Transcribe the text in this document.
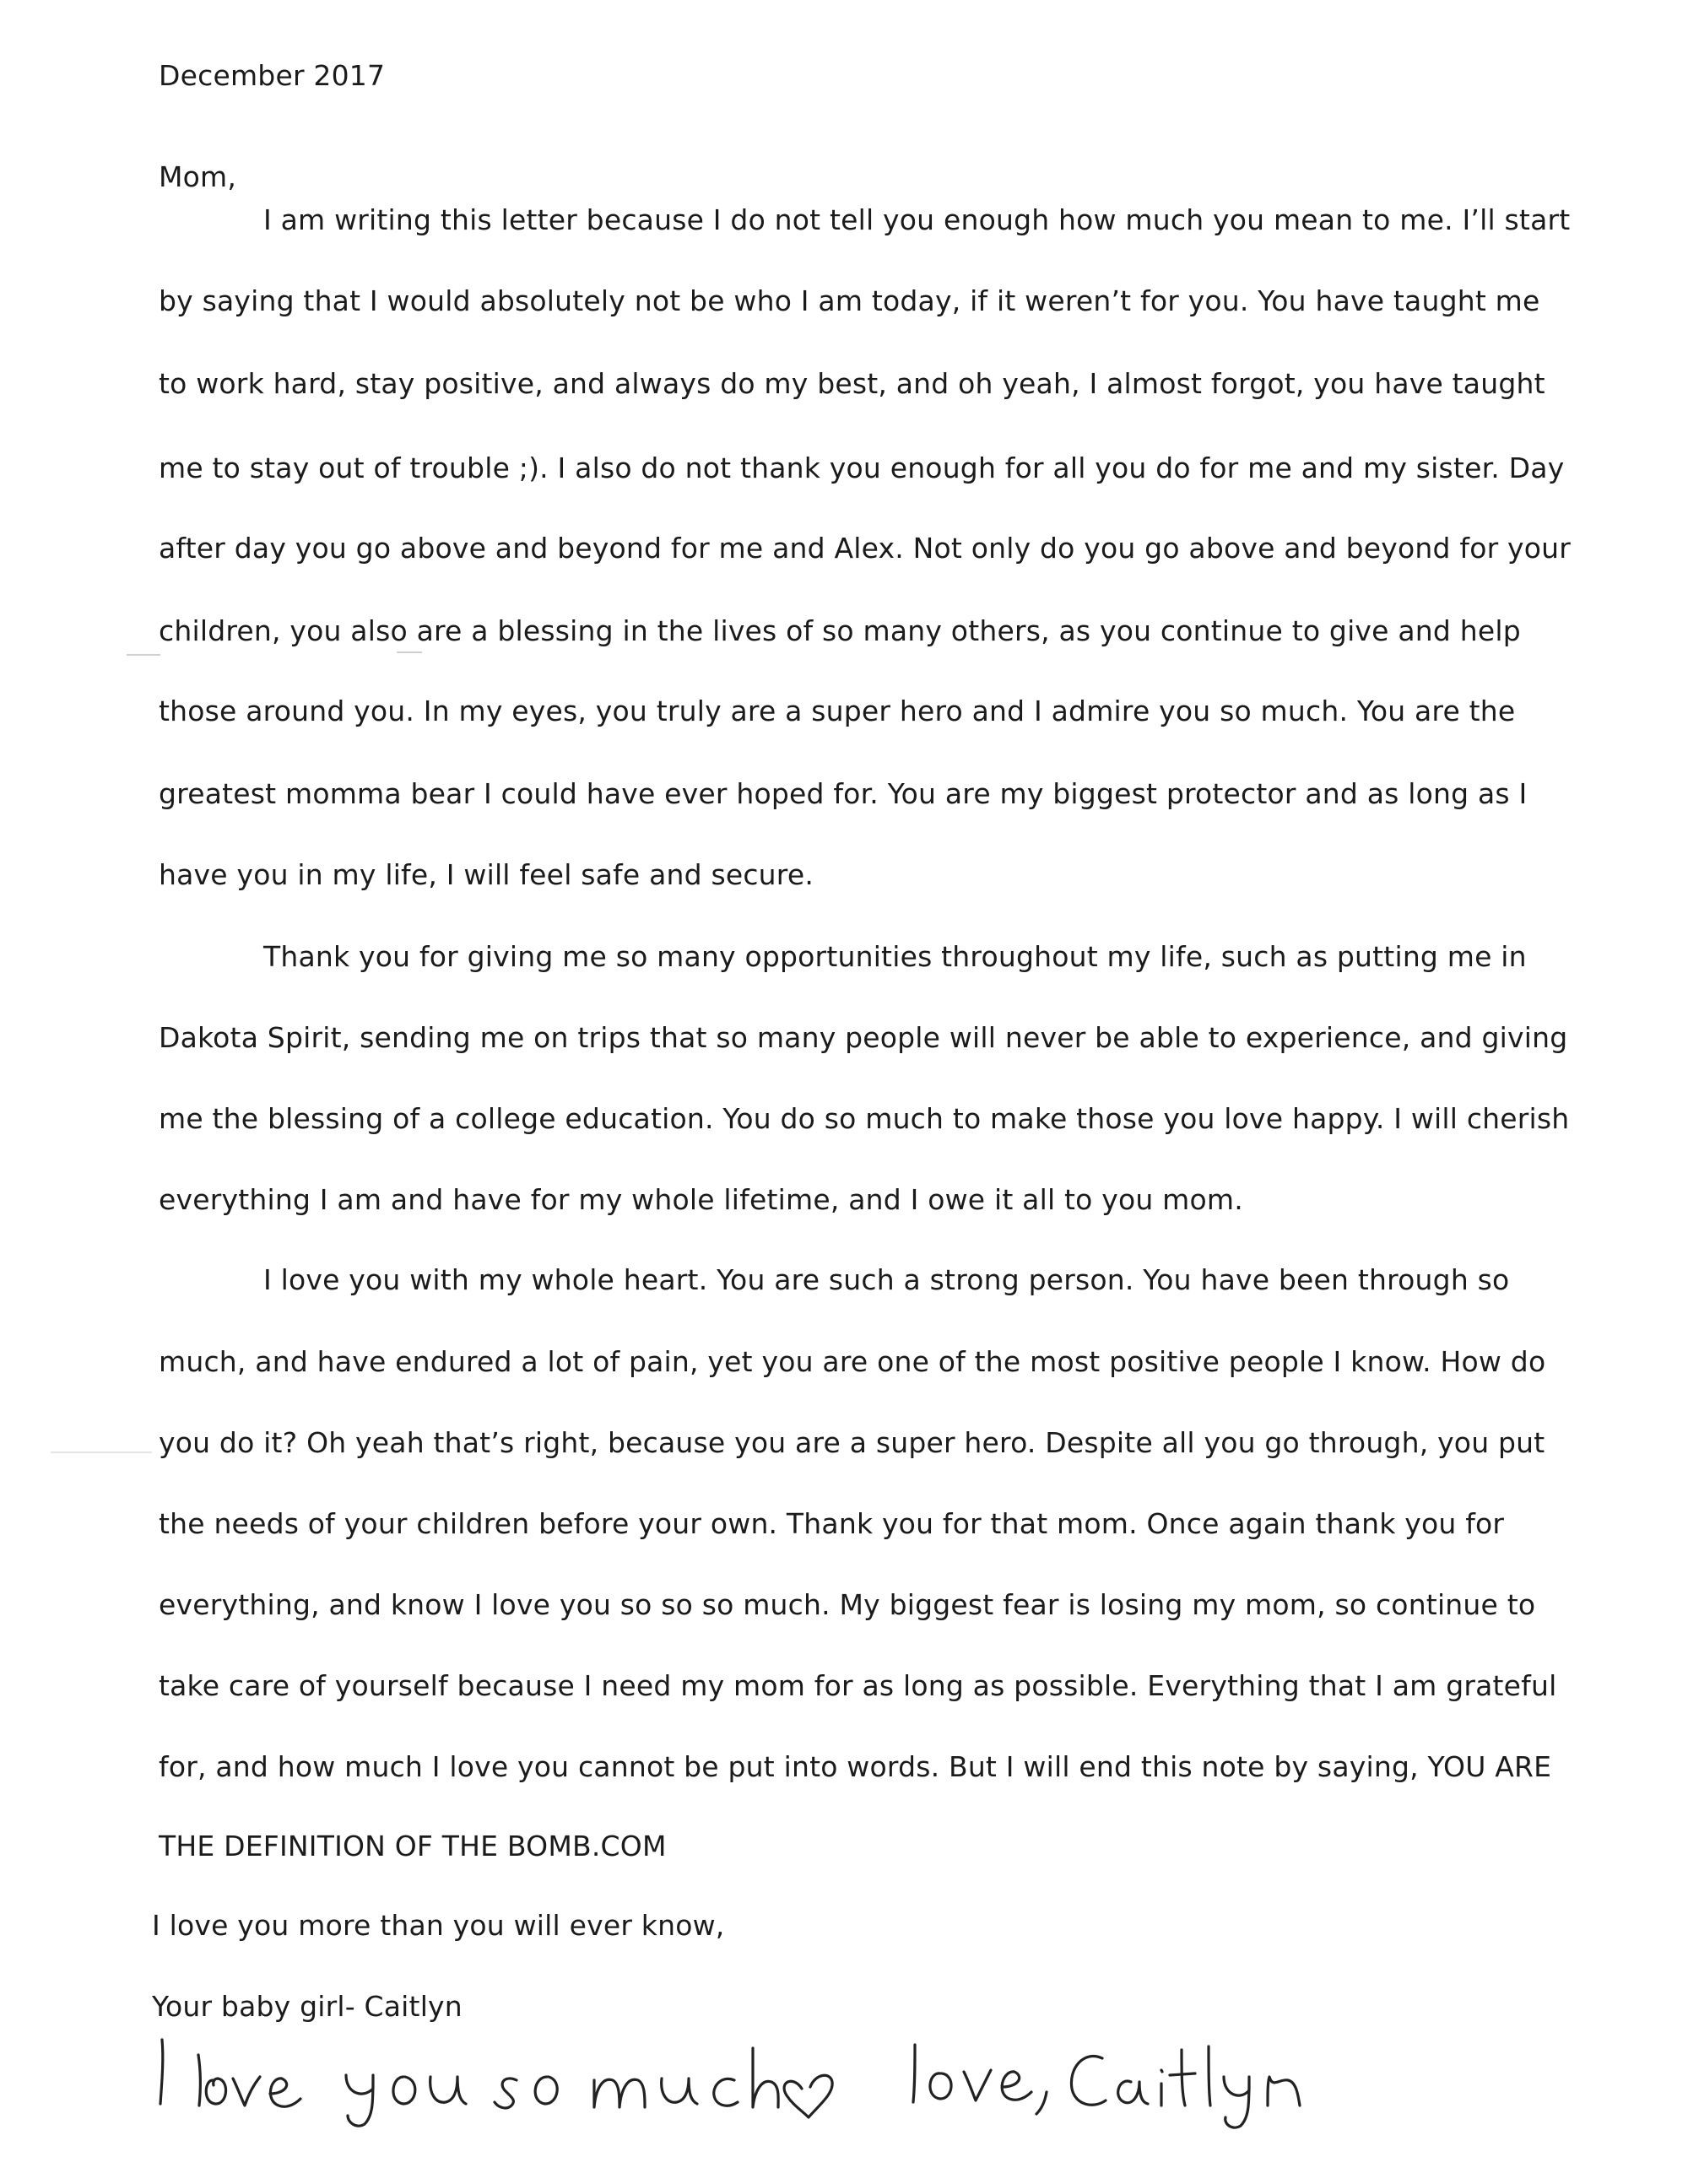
December 2017

Mom,

I am writing this letter because I do not tell you enough how much you mean to me. I’ll start

by saying that I would absolutely not be who I am today, if it weren’t for you. You have taught me

to work hard, stay positive, and always do my best, and oh yeah, I almost forgot, you have taught

me to stay out of trouble ;). I also do not thank you enough for all you do for me and my sister. Day

after day you go above and beyond for me and Alex. Not only do you go above and beyond for your

children, you also are a blessing in the lives of so many others, as you continue to give and help

those around you. In my eyes, you truly are a super hero and I admire you so much. You are the

greatest momma bear I could have ever hoped for. You are my biggest protector and as long as I

have you in my life, I will feel safe and secure.

Thank you for giving me so many opportunities throughout my life, such as putting me in

Dakota Spirit, sending me on trips that so many people will never be able to experience, and giving

me the blessing of a college education. You do so much to make those you love happy. I will cherish

everything I am and have for my whole lifetime, and I owe it all to you mom.

I love you with my whole heart. You are such a strong person. You have been through so

much, and have endured a lot of pain, yet you are one of the most positive people I know. How do

you do it? Oh yeah that’s right, because you are a super hero. Despite all you go through, you put

the needs of your children before your own. Thank you for that mom. Once again thank you for

everything, and know I love you so so so much. My biggest fear is losing my mom, so continue to

take care of yourself because I need my mom for as long as possible. Everything that I am grateful

for, and how much I love you cannot be put into words. But I will end this note by saying, YOU ARE

THE DEFINITION OF THE BOMB.COM

I love you more than you will ever know,

Your baby girl- Caitlyn
